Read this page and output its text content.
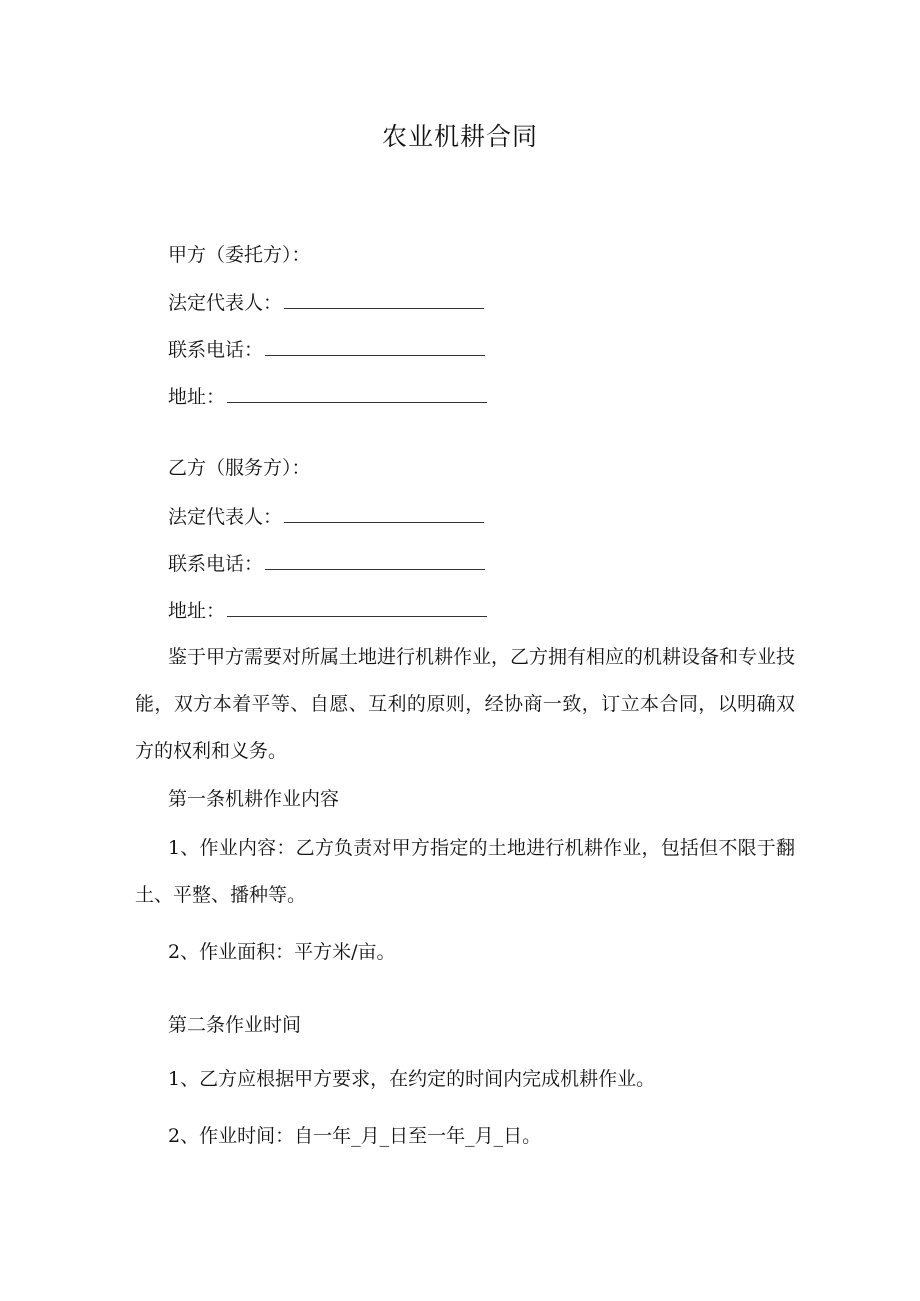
农业机耕合同
甲方（委托方）：
法定代表人：
联系电话：
地址：
乙方（服务方）：
法定代表人：
联系电话：
地址：
鉴于甲方需要对所属土地进行机耕作业，乙方拥有相应的机耕设备和专业技能，双方本着平等、自愿、互利的原则，经协商一致，订立本合同，以明确双方的权利和义务。
第一条机耕作业内容
1、作业内容：乙方负责对甲方指定的土地进行机耕作业，包括但不限于翻土、平整、播种等。
2、作业面积：平方米/亩。
第二条作业时间
1、乙方应根据甲方要求，在约定的时间内完成机耕作业。
2、作业时间：自一年_月_日至一年_月_日。
